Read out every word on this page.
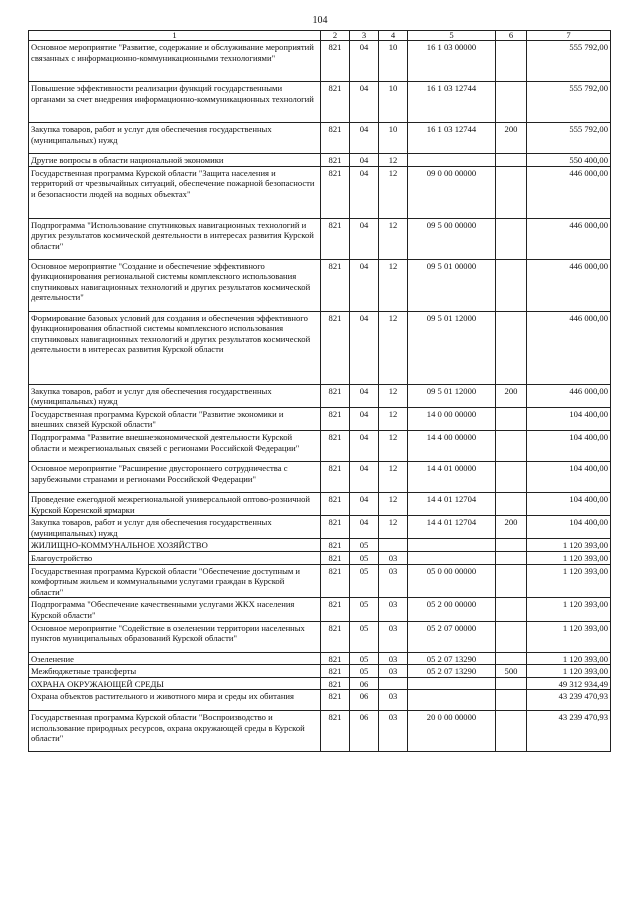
104
1	2	3	4	5	6	7
Основное мероприятие "Развитие, содержание и обслуживание мероприятий связанных с информационно-коммуникационными технологиями"	821	04	10	16 1 03 00000		555 792,00
Повышение эффективности реализации функций государственными органами за счет внедрения информационно-коммуникационных технологий	821	04	10	16 1 03 12744		555 792,00
Закупка товаров, работ и услуг для обеспечения государственных (муниципальных) нужд	821	04	10	16 1 03 12744	200	555 792,00
Другие вопросы в области национальной экономики	821	04	12			550 400,00
Государственная программа Курской области "Защита населения и территорий от чрезвычайных ситуаций, обеспечение пожарной безопасности и безопасности людей на водных объектах"	821	04	12	09 0 00 00000		446 000,00
Подпрограмма "Использование спутниковых навигационных технологий и других результатов космической деятельности в интересах развития Курской области"	821	04	12	09 5 00 00000		446 000,00
Основное мероприятие "Создание и обеспечение эффективного функционирования региональной системы комплексного использования спутниковых навигационных технологий и других результатов космической деятельности"	821	04	12	09 5 01 00000		446 000,00
Формирование базовых условий для создания и обеспечения эффективного функционирования областной системы комплексного использования спутниковых навигационных технологий и других результатов космической деятельности в интересах развития Курской области	821	04	12	09 5 01 12000		446 000,00
Закупка товаров, работ и услуг для обеспечения государственных (муниципальных) нужд	821	04	12	09 5 01 12000	200	446 000,00
Государственная программа Курской области "Развитие экономики и внешних связей Курской области"	821	04	12	14 0 00 00000		104 400,00
Подпрограмма "Развитие внешнеэкономической деятельности Курской области и межрегиональных связей с регионами Российской Федерации"	821	04	12	14 4 00 00000		104 400,00
Основное мероприятие "Расширение двустороннего сотрудничества с зарубежными странами и регионами Российской Федерации"	821	04	12	14 4 01 00000		104 400,00
Проведение ежегодной межрегиональной универсальной оптово-розничной Курской Коренской ярмарки	821	04	12	14 4 01 12704		104 400,00
Закупка товаров, работ и услуг для обеспечения государственных (муниципальных) нужд	821	04	12	14 4 01 12704	200	104 400,00
ЖИЛИЩНО-КОММУНАЛЬНОЕ ХОЗЯЙСТВО	821	05				1 120 393,00
Благоустройство	821	05	03			1 120 393,00
Государственная программа Курской области "Обеспечение доступным и комфортным жильем и коммунальными услугами граждан в Курской области"	821	05	03	05 0 00 00000		1 120 393,00
Подпрограмма "Обеспечение качественными услугами ЖКХ населения Курской области"	821	05	03	05 2 00 00000		1 120 393,00
Основное мероприятие "Содействие в озеленении территории населенных пунктов муниципальных образований Курской области"	821	05	03	05 2 07 00000		1 120 393,00
Озеленение	821	05	03	05 2 07 13290		1 120 393,00
Межбюджетные трансферты	821	05	03	05 2 07 13290	500	1 120 393,00
ОХРАНА ОКРУЖАЮЩЕЙ СРЕДЫ	821	06				49 312 934,49
Охрана объектов растительного и животного мира и среды их обитания	821	06	03			43 239 470,93
Государственная программа Курской области "Воспроизводство и использование природных ресурсов, охрана окружающей среды в Курской области"	821	06	03	20 0 00 00000		43 239 470,93
